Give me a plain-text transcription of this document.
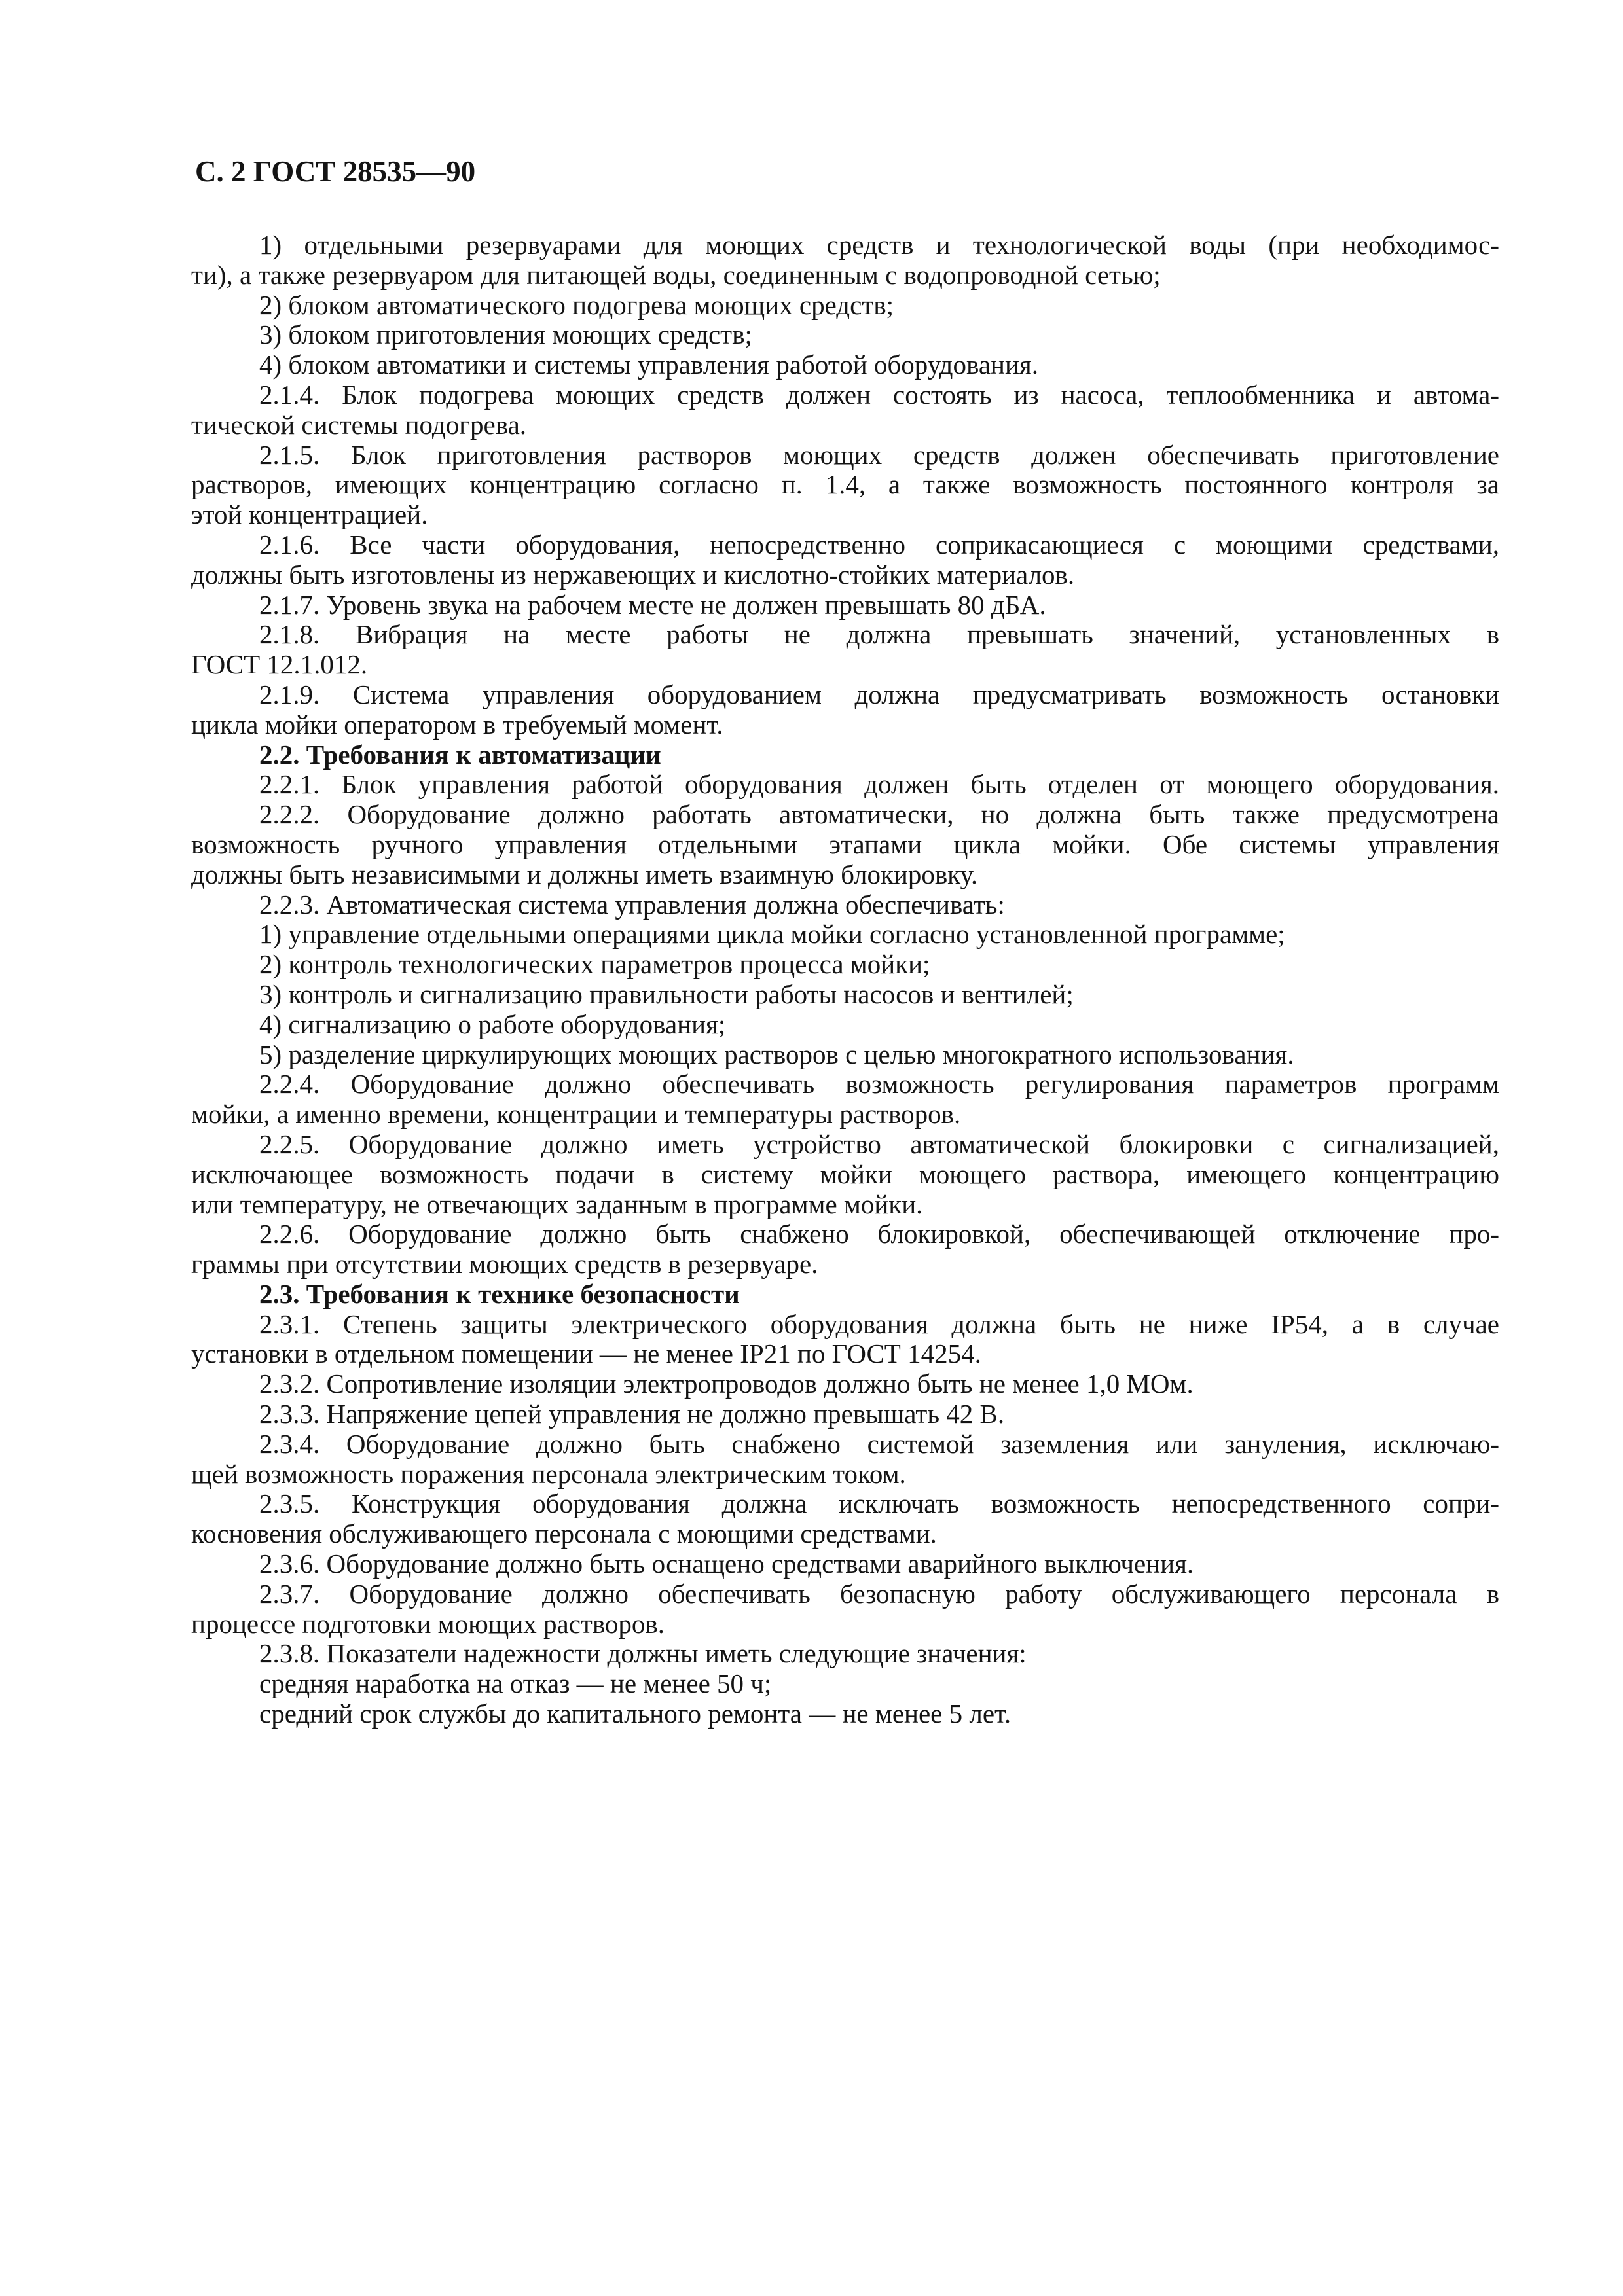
С. 2 ГОСТ 28535—90
1) отдельными резервуарами для моющих средств и технологической воды (при необходимос-
ти), а также резервуаром для питающей воды, соединенным с водопроводной сетью;
2) блоком автоматического подогрева моющих средств;
3) блоком приготовления моющих средств;
4) блоком автоматики и системы управления работой оборудования.
2.1.4. Блок подогрева моющих средств должен состоять из насоса, теплообменника и автома-
тической системы подогрева.
2.1.5. Блок приготовления растворов моющих средств должен обеспечивать приготовление
растворов, имеющих концентрацию согласно п. 1.4, а также возможность постоянного контроля за
этой концентрацией.
2.1.6. Все части оборудования, непосредственно соприкасающиеся с моющими средствами,
должны быть изготовлены из нержавеющих и кислотно-стойких материалов.
2.1.7. Уровень звука на рабочем месте не должен превышать 80 дБА.
2.1.8. Вибрация на месте работы не должна превышать значений, установленных в
ГОСТ 12.1.012.
2.1.9. Система управления оборудованием должна предусматривать возможность остановки
цикла мойки оператором в требуемый момент.
2.2. Требования к автоматизации
2.2.1. Блок управления работой оборудования должен быть отделен от моющего оборудования.
2.2.2. Оборудование должно работать автоматически, но должна быть также предусмотрена
возможность ручного управления отдельными этапами цикла мойки. Обе системы управления
должны быть независимыми и должны иметь взаимную блокировку.
2.2.3. Автоматическая система управления должна обеспечивать:
1) управление отдельными операциями цикла мойки согласно установленной программе;
2) контроль технологических параметров процесса мойки;
3) контроль и сигнализацию правильности работы насосов и вентилей;
4) сигнализацию о работе оборудования;
5) разделение циркулирующих моющих растворов с целью многократного использования.
2.2.4. Оборудование должно обеспечивать возможность регулирования параметров программ
мойки, а именно времени, концентрации и температуры растворов.
2.2.5. Оборудование должно иметь устройство автоматической блокировки с сигнализацией,
исключающее возможность подачи в систему мойки моющего раствора, имеющего концентрацию
или температуру, не отвечающих заданным в программе мойки.
2.2.6. Оборудование должно быть снабжено блокировкой, обеспечивающей отключение про-
граммы при отсутствии моющих средств в резервуаре.
2.3. Требования к технике безопасности
2.3.1. Степень защиты электрического оборудования должна быть не ниже IP54, а в случае
установки в отдельном помещении — не менее IP21 по ГОСТ 14254.
2.3.2. Сопротивление изоляции электропроводов должно быть не менее 1,0 МОм.
2.3.3. Напряжение цепей управления не должно превышать 42 В.
2.3.4. Оборудование должно быть снабжено системой заземления или зануления, исключаю-
щей возможность поражения персонала электрическим током.
2.3.5. Конструкция оборудования должна исключать возможность непосредственного сопри-
косновения обслуживающего персонала с моющими средствами.
2.3.6. Оборудование должно быть оснащено средствами аварийного выключения.
2.3.7. Оборудование должно обеспечивать безопасную работу обслуживающего персонала в
процессе подготовки моющих растворов.
2.3.8. Показатели надежности должны иметь следующие значения:
средняя наработка на отказ — не менее 50 ч;
средний срок службы до капитального ремонта — не менее 5 лет.
